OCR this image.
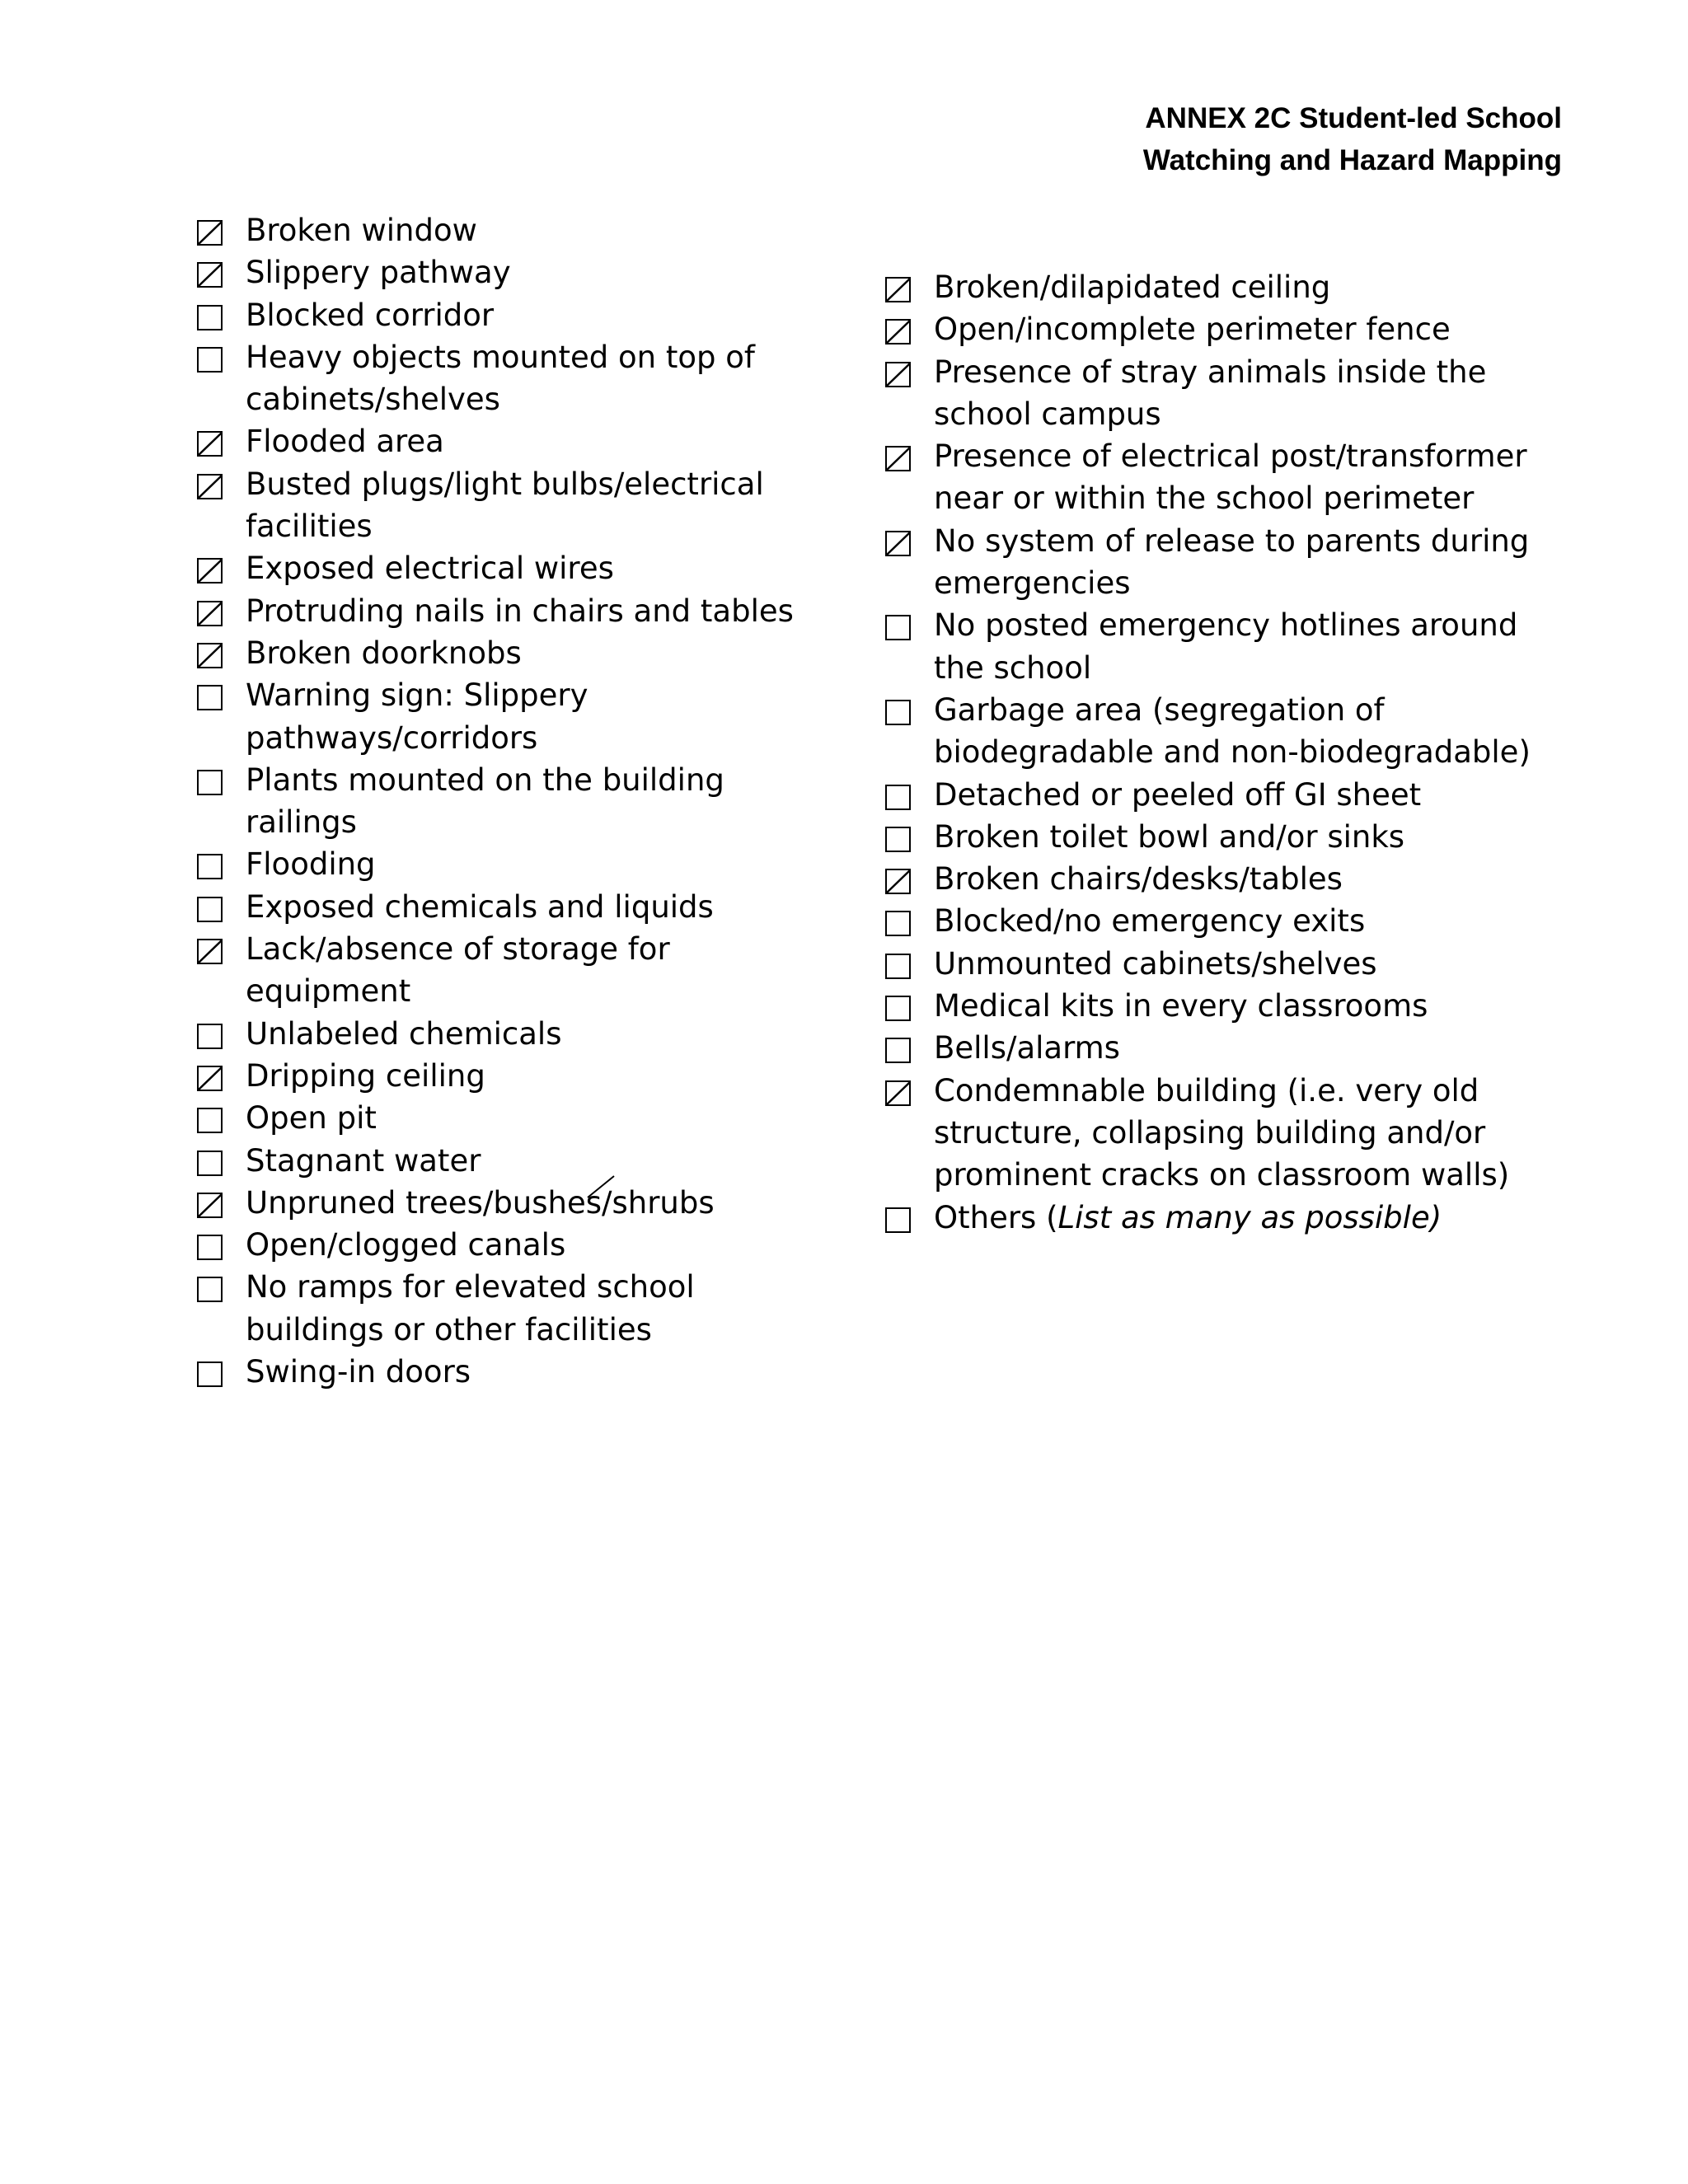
ANNEX 2C Student-led School
Watching and Hazard Mapping
Broken window
Slippery pathway
Blocked corridor
Heavy objects mounted on top of cabinets/shelves
Flooded area
Busted plugs/light bulbs/electrical facilities
Exposed electrical wires
Protruding nails in chairs and tables
Broken doorknobs
Warning sign: Slippery pathways/corridors
Plants mounted on the building railings
Flooding
Exposed chemicals and liquids
Lack/absence of storage for equipment
Unlabeled chemicals
Dripping ceiling
Open pit
Stagnant water
Unpruned trees/bushes/shrubs
Open/clogged canals
No ramps for elevated school buildings or other facilities
Swing-in doors
Broken/dilapidated ceiling
Open/incomplete perimeter fence
Presence of stray animals inside the school campus
Presence of electrical post/transformer near or within the school perimeter
No system of release to parents during emergencies
No posted emergency hotlines around the school
Garbage area (segregation of biodegradable and non-biodegradable)
Detached or peeled off GI sheet
Broken toilet bowl and/or sinks
Broken chairs/desks/tables
Blocked/no emergency exits
Unmounted cabinets/shelves
Medical kits in every classrooms
Bells/alarms
Condemnable building (i.e. very old structure, collapsing building and/or prominent cracks on classroom walls)
Others (List as many as possible)
